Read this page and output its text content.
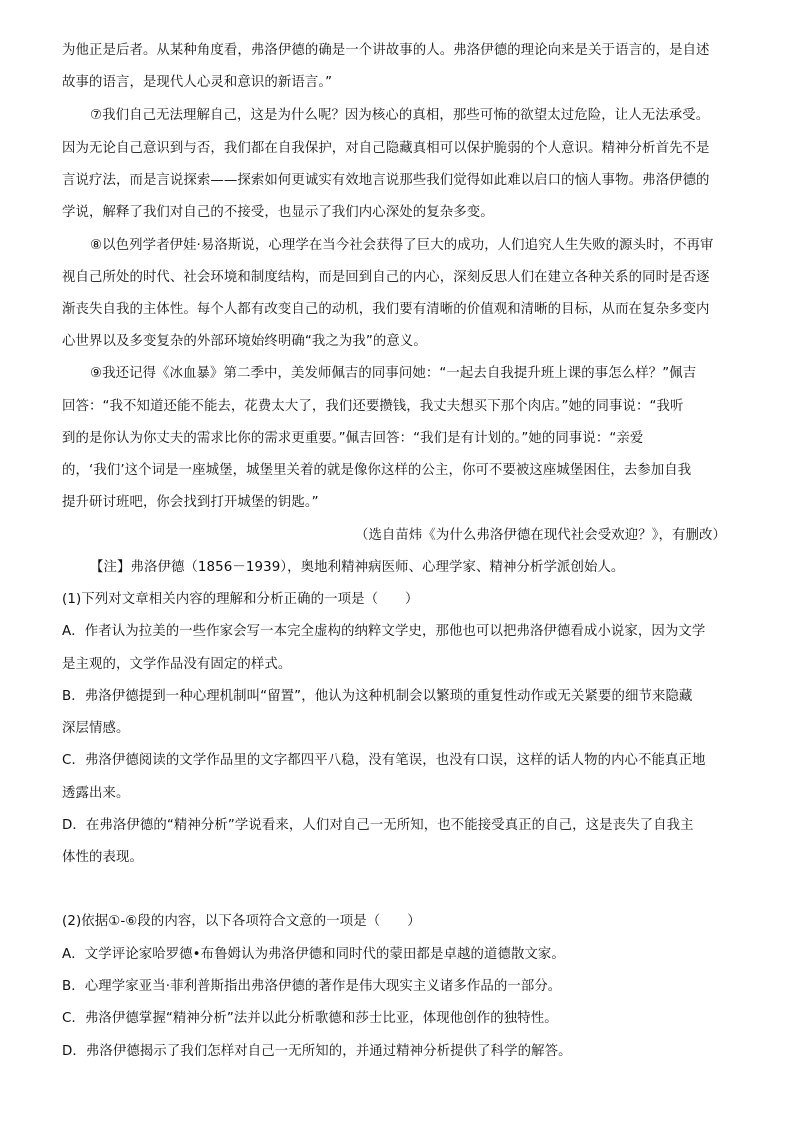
为他正是后者。从某种角度看，弗洛伊德的确是一个讲故事的人。弗洛伊德的理论向来是关于语言的，是自述

故事的语言，是现代人心灵和意识的新语言。”

⑦我们自己无法理解自己，这是为什么呢？因为核心的真相，那些可怖的欲望太过危险，让人无法承受。

因为无论自己意识到与否，我们都在自我保护，对自己隐藏真相可以保护脆弱的个人意识。精神分析首先不是

言说疗法，而是言说探索——探索如何更诚实有效地言说那些我们觉得如此难以启口的恼人事物。弗洛伊德的

学说，解释了我们对自己的不接受，也显示了我们内心深处的复杂多变。

⑧以色列学者伊娃·易洛斯说，心理学在当今社会获得了巨大的成功，人们追究人生失败的源头时，不再审

视自己所处的时代、社会环境和制度结构，而是回到自己的内心，深刻反思人们在建立各种关系的同时是否逐

渐丧失自我的主体性。每个人都有改变自己的动机，我们要有清晰的价值观和清晰的目标，从而在复杂多变内

心世界以及多变复杂的外部环境始终明确“我之为我”的意义。

⑨我还记得《冰血暴》第二季中，美发师佩吉的同事问她：“一起去自我提升班上课的事怎么样？”佩吉

回答：“我不知道还能不能去，花费太大了，我们还要攒钱，我丈夫想买下那个肉店。”她的同事说：“我听

到的是你认为你丈夫的需求比你的需求更重要。”佩吉回答：“我们是有计划的。”她的同事说：“亲爱

的，‘我们’这个词是一座城堡，城堡里关着的就是像你这样的公主，你可不要被这座城堡困住，去参加自我

提升研讨班吧，你会找到打开城堡的钥匙。”

（选自苗炜《为什么弗洛伊德在现代社会受欢迎？》，有删改）

【注】弗洛伊德（1856－1939），奥地利精神病医师、心理学家、精神分析学派创始人。

(1)下列对文章相关内容的理解和分析正确的一项是（　　）

A．作者认为拉美的一些作家会写一本完全虚构的纳粹文学史，那他也可以把弗洛伊德看成小说家，因为文学

是主观的，文学作品没有固定的样式。

B．弗洛伊德提到一种心理机制叫“留置”，他认为这种机制会以繁琐的重复性动作或无关紧要的细节来隐藏

深层情感。

C．弗洛伊德阅读的文学作品里的文字都四平八稳，没有笔误，也没有口误，这样的话人物的内心不能真正地

透露出来。

D．在弗洛伊德的“精神分析”学说看来，人们对自己一无所知，也不能接受真正的自己，这是丧失了自我主

体性的表现。

(2)依据①-⑥段的内容，以下各项符合文意的一项是（　　）

A．文学评论家哈罗德•布鲁姆认为弗洛伊德和同时代的蒙田都是卓越的道德散文家。

B．心理学家亚当·菲利普斯指出弗洛伊德的著作是伟大现实主义诸多作品的一部分。

C．弗洛伊德掌握“精神分析”法并以此分析歌德和莎士比亚，体现他创作的独特性。

D．弗洛伊德揭示了我们怎样对自己一无所知的，并通过精神分析提供了科学的解答。
